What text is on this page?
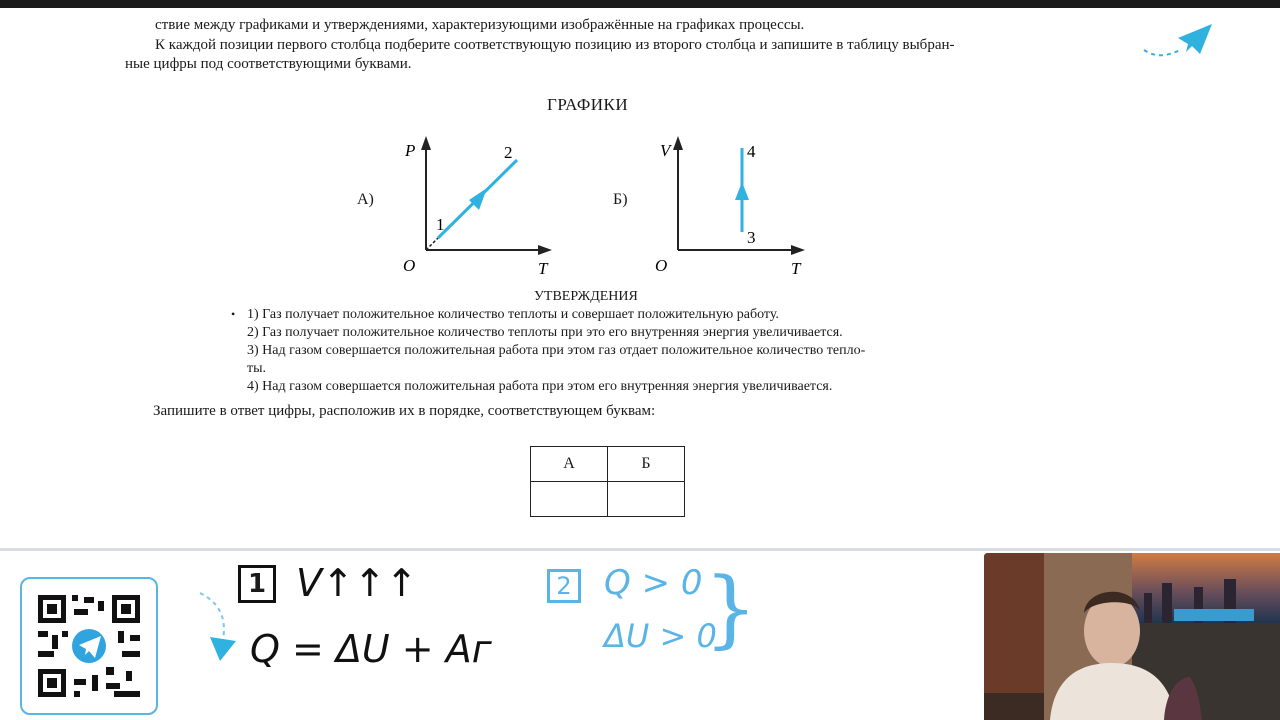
ствие между графиками и утверждениями, характеризующими изображённые на графиках процессы.
К каждой позиции первого столбца подберите соответствующую позицию из второго столбца и запишите в таблицу выбран-
ные цифры под соответствующими буквами.
ГРАФИКИ
А)
P
T
O
1
2
Б)
V
T
O
3
4
УТВЕРЖДЕНИЯ
• 1) Газ получает положительное количество теплоты и совершает положительную работу.
2) Газ получает положительное количество теплоты при это его внутренняя энергия увеличивается.
3) Над газом совершается положительная работа при этом газ отдает положительное количество тепло-
ты.
4) Над газом совершается положительная работа при этом его внутренняя энергия увеличивается.
Запишите в ответ цифры, расположив их в порядке, соответствующем буквам:
А	Б

1 V↑↑↑
Q = ΔU + Aг
2 Q > 0
ΔU > 0
}
